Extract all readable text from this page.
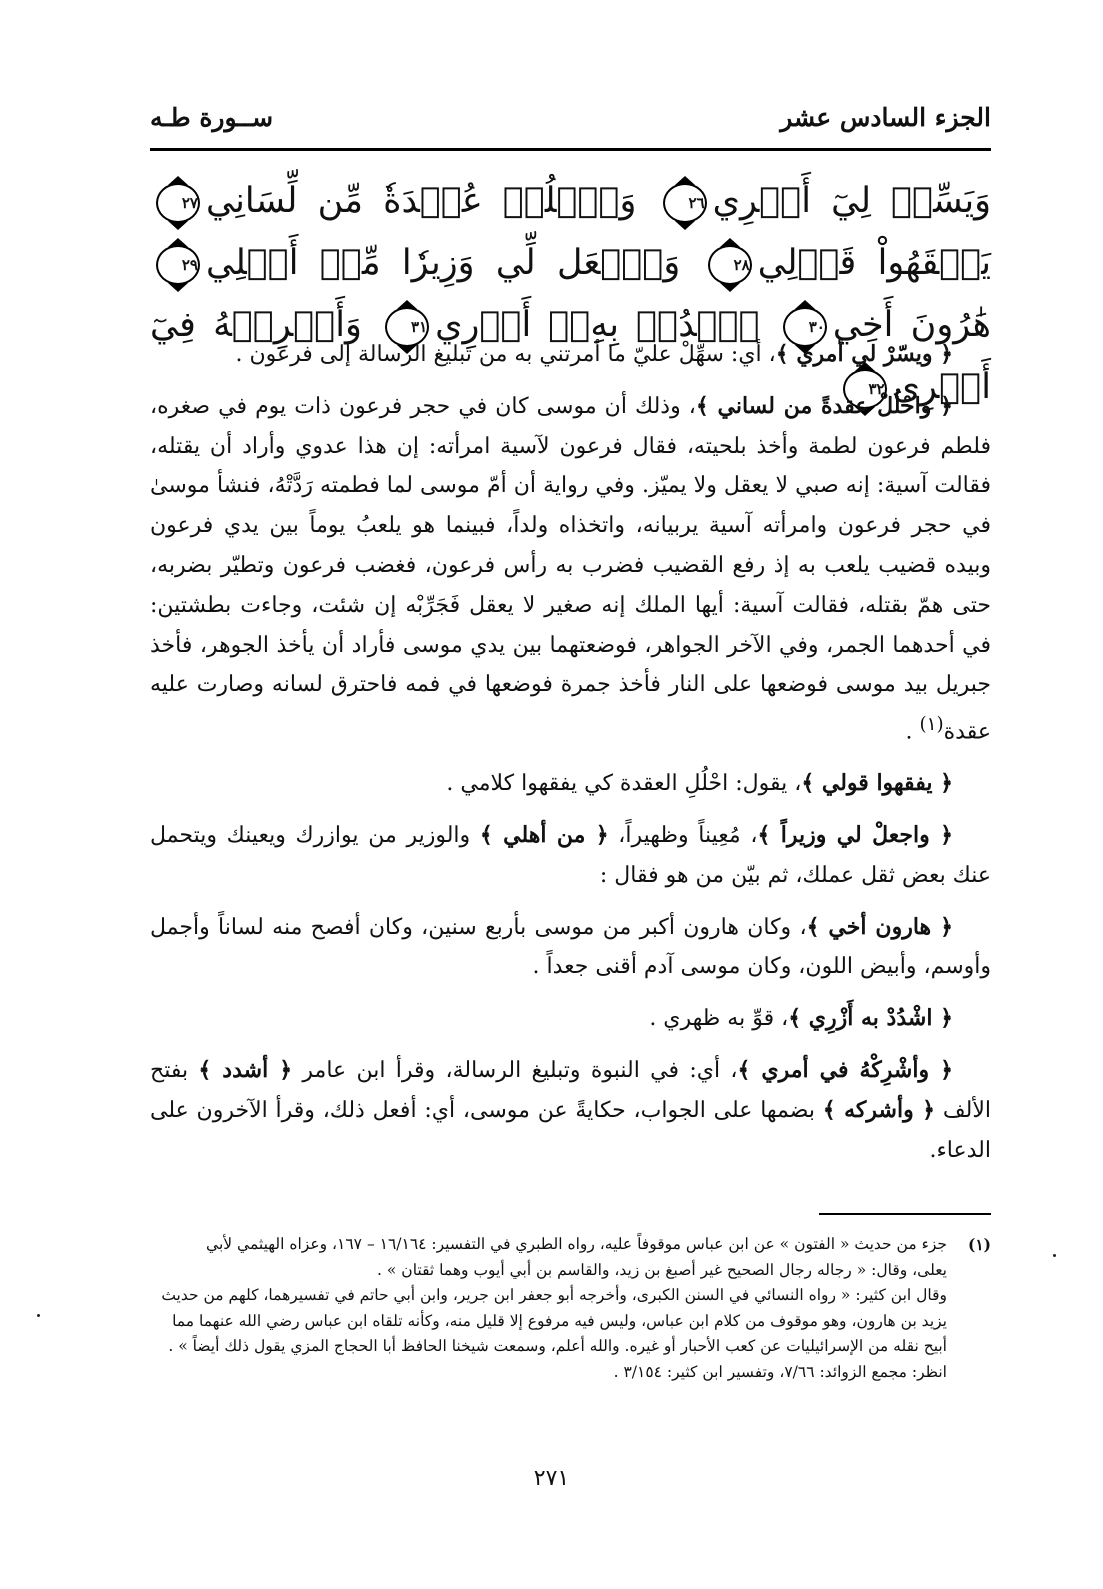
الجزء السادس عشر
ســورة طـه
وَيَسِّرۡ لِيٓ أَمۡرِي٢٦ وَٱحۡلُلۡ عُقۡدَةٗ مِّن لِّسَانِي٢٧ يَفۡقَهُواْ قَوۡلِي٢٨ وَٱجۡعَل لِّي وَزِيرٗا مِّنۡ أَهۡلِي٢٩ هَٰرُونَ أَخِي٣٠ ٱشۡدُدۡ بِهِۦٓ أَزۡرِي٣١ وَأَشۡرِكۡهُ فِيٓ أَمۡرِي٣٢

﴿ ويسّرْ لي أمري ﴾، أي: سهِّلْ عليّ ما أمرتني به من تبليغ الرسالة إلى فرعون .

﴿ واحْلُلْ عقدةً من لساني ﴾، وذلك أن موسى كان في حجر فرعون ذات يوم في صغره، فلطم فرعون لطمة وأخذ بلحيته، فقال فرعون لآسية امرأته: إن هذا عدوي وأراد أن يقتله، فقالت آسية: إنه صبي لا يعقل ولا يميّز. وفي رواية أن أمّ موسى لما فطمته رَدَّتْهُ، فنشأ موسىٰ في حجر فرعون وامرأته آسية يربيانه، واتخذاه ولداً، فبينما هو يلعبُ يوماً بين يدي فرعون وبيده قضيب يلعب به إذ رفع القضيب فضرب به رأس فرعون، فغضب فرعون وتطيّر بضربه، حتى همّ بقتله، فقالت آسية: أيها الملك إنه صغير لا يعقل فَجَرِّبْه إن شئت، وجاءت بطشتين: في أحدهما الجمر، وفي الآخر الجواهر، فوضعتهما بين يدي موسى فأراد أن يأخذ الجوهر، فأخذ جبريل بيد موسى فوضعها على النار فأخذ جمرة فوضعها في فمه فاحترق لسانه وصارت عليه عقدة$^{(١)}$ .

﴿ يفقهوا قولي ﴾، يقول: احْلُلِ العقدة كي يفقهوا كلامي .

﴿ واجعلْ لي وزيراً ﴾، مُعِيناً وظهيراً، ﴿ من أهلي ﴾ والوزير من يوازرك ويعينك ويتحمل عنك بعض ثقل عملك، ثم بيّن من هو فقال :

﴿ هارون أخي ﴾، وكان هارون أكبر من موسى بأربع سنين، وكان أفصح منه لساناً وأجمل وأوسم، وأبيض اللون، وكان موسى آدم أقنى جعداً .

﴿ اشْدُدْ به أَزْرِي ﴾، قوِّ به ظهري .

﴿ وأشْرِكْهُ في أمري ﴾، أي: في النبوة وتبليغ الرسالة، وقرأ ابن عامر ﴿ أشدد ﴾ بفتح الألف ﴿ وأشركه ﴾ بضمها على الجواب، حكايةً عن موسى، أي: أفعل ذلك، وقرأ الآخرون على الدعاء.

(١)

جزء من حديث « الفتون » عن ابن عباس موقوفاً عليه، رواه الطبري في التفسير: ١٦/١٦٤ – ١٦٧، وعزاه الهيثمي لأبي

يعلى، وقال: « رجاله رجال الصحيح غير أصبغ بن زيد، والقاسم بن أبي أيوب وهما ثقتان » .

وقال ابن كثير: « رواه النسائي في السنن الكبرى، وأخرجه أبو جعفر ابن جرير، وابن أبي حاتم في تفسيرهما، كلهم من حديث

يزيد بن هارون، وهو موقوف من كلام ابن عباس، وليس فيه مرفوع إلا قليل منه، وكأنه تلقاه ابن عباس رضي الله عنهما مما

أبيح نقله من الإسرائيليات عن كعب الأحبار أو غيره. والله أعلم، وسمعت شيخنا الحافظ أبا الحجاج المزي يقول ذلك أيضاً » .

انظر: مجمع الزوائد: ٧/٦٦، وتفسير ابن كثير: ٣/١٥٤ .

٢٧١
